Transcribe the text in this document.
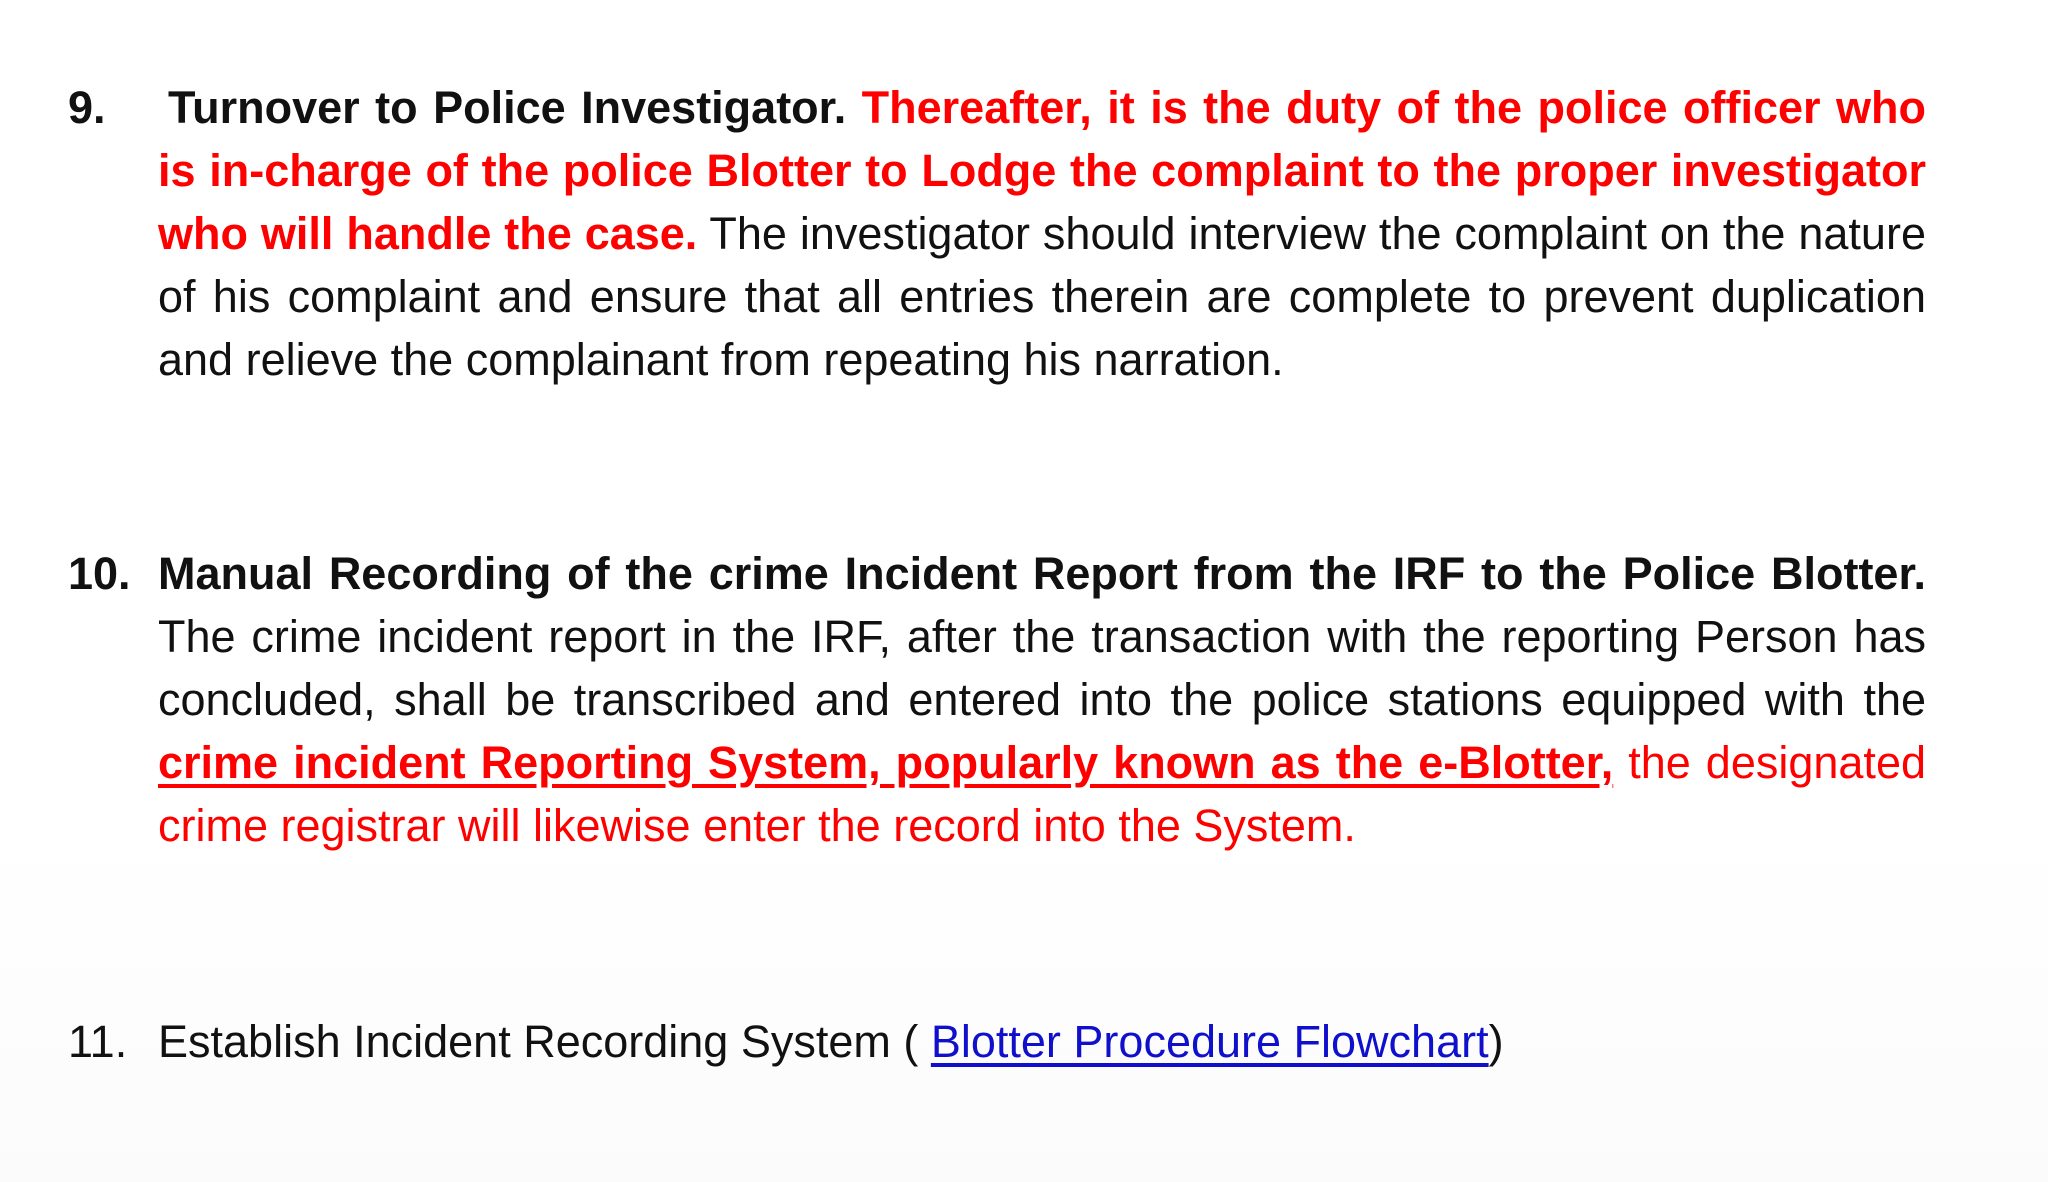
9.	Turnover to Police Investigator. Thereafter, it is the duty of the police officer who is in-charge of the police Blotter to Lodge the complaint to the proper investigator who will handle the case. The investigator should interview the complaint on the nature of his complaint and ensure that all entries therein are complete to prevent duplication and relieve the complainant from repeating his narration.
10. Manual Recording of the crime Incident Report from the IRF to the Police Blotter. The crime incident report in the IRF, after the transaction with the reporting Person has concluded, shall be transcribed and entered into the police stations equipped with the crime incident Reporting System, popularly known as the e-Blotter, the designated crime registrar will likewise enter the record into the System.
11. Establish Incident Recording System ( Blotter Procedure Flowchart)
